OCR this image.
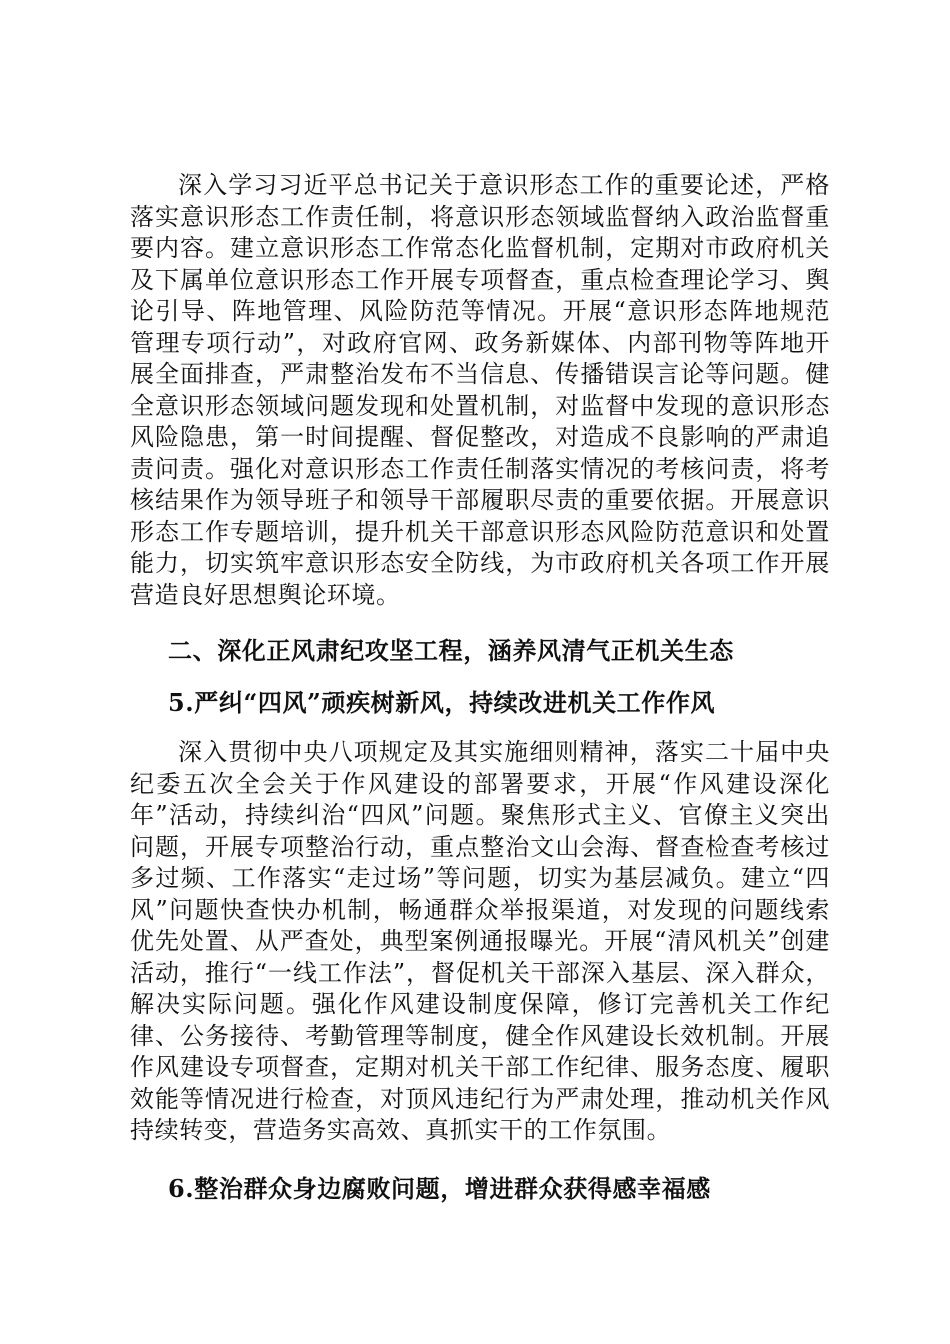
深入学习习近平总书记关于意识形态工作的重要论述，严格落实意识形态工作责任制，将意识形态领域监督纳入政治监督重要内容。建立意识形态工作常态化监督机制，定期对市政府机关及下属单位意识形态工作开展专项督查，重点检查理论学习、舆论引导、阵地管理、风险防范等情况。开展“意识形态阵地规范管理专项行动”，对政府官网、政务新媒体、内部刊物等阵地开展全面排查，严肃整治发布不当信息、传播错误言论等问题。健全意识形态领域问题发现和处置机制，对监督中发现的意识形态风险隐患，第一时间提醒、督促整改，对造成不良影响的严肃追责问责。强化对意识形态工作责任制落实情况的考核问责，将考核结果作为领导班子和领导干部履职尽责的重要依据。开展意识形态工作专题培训，提升机关干部意识形态风险防范意识和处置能力，切实筑牢意识形态安全防线，为市政府机关各项工作开展营造良好思想舆论环境。

二、深化正风肃纪攻坚工程，涵养风清气正机关生态

5.严纠“四风”顽疾树新风，持续改进机关工作作风

深入贯彻中央八项规定及其实施细则精神，落实二十届中央纪委五次全会关于作风建设的部署要求，开展“作风建设深化年”活动，持续纠治“四风”问题。聚焦形式主义、官僚主义突出问题，开展专项整治行动，重点整治文山会海、督查检查考核过多过频、工作落实“走过场”等问题，切实为基层减负。建立“四风”问题快查快办机制，畅通群众举报渠道，对发现的问题线索优先处置、从严查处，典型案例通报曝光。开展“清风机关”创建活动，推行“一线工作法”，督促机关干部深入基层、深入群众，解决实际问题。强化作风建设制度保障，修订完善机关工作纪律、公务接待、考勤管理等制度，健全作风建设长效机制。开展作风建设专项督查，定期对机关干部工作纪律、服务态度、履职效能等情况进行检查，对顶风违纪行为严肃处理，推动机关作风持续转变，营造务实高效、真抓实干的工作氛围。

6.整治群众身边腐败问题，增进群众获得感幸福感
